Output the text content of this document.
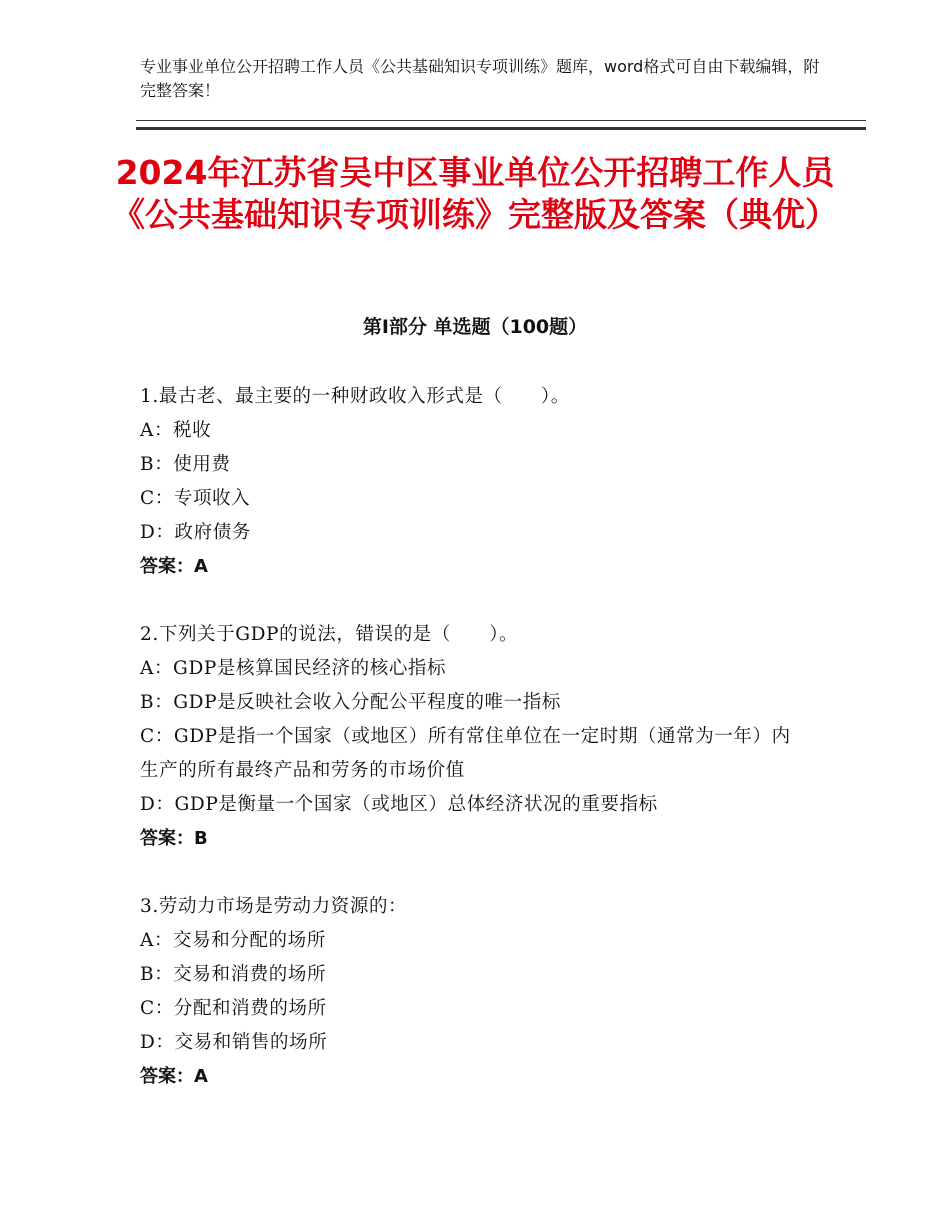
专业事业单位公开招聘工作人员《公共基础知识专项训练》题库，word格式可自由下载编辑，附完整答案！
2024年江苏省吴中区事业单位公开招聘工作人员《公共基础知识专项训练》完整版及答案（典优）
第Ⅰ部分 单选题（100题）
1.最古老、最主要的一种财政收入形式是（　　）。
A：税收
B：使用费
C：专项收入
D：政府债务
答案：A
2.下列关于GDP的说法，错误的是（　　）。
A：GDP是核算国民经济的核心指标
B：GDP是反映社会收入分配公平程度的唯一指标
C：GDP是指一个国家（或地区）所有常住单位在一定时期（通常为一年）内生产的所有最终产品和劳务的市场价值
D：GDP是衡量一个国家（或地区）总体经济状况的重要指标
答案：B
3.劳动力市场是劳动力资源的：
A：交易和分配的场所
B：交易和消费的场所
C：分配和消费的场所
D：交易和销售的场所
答案：A
